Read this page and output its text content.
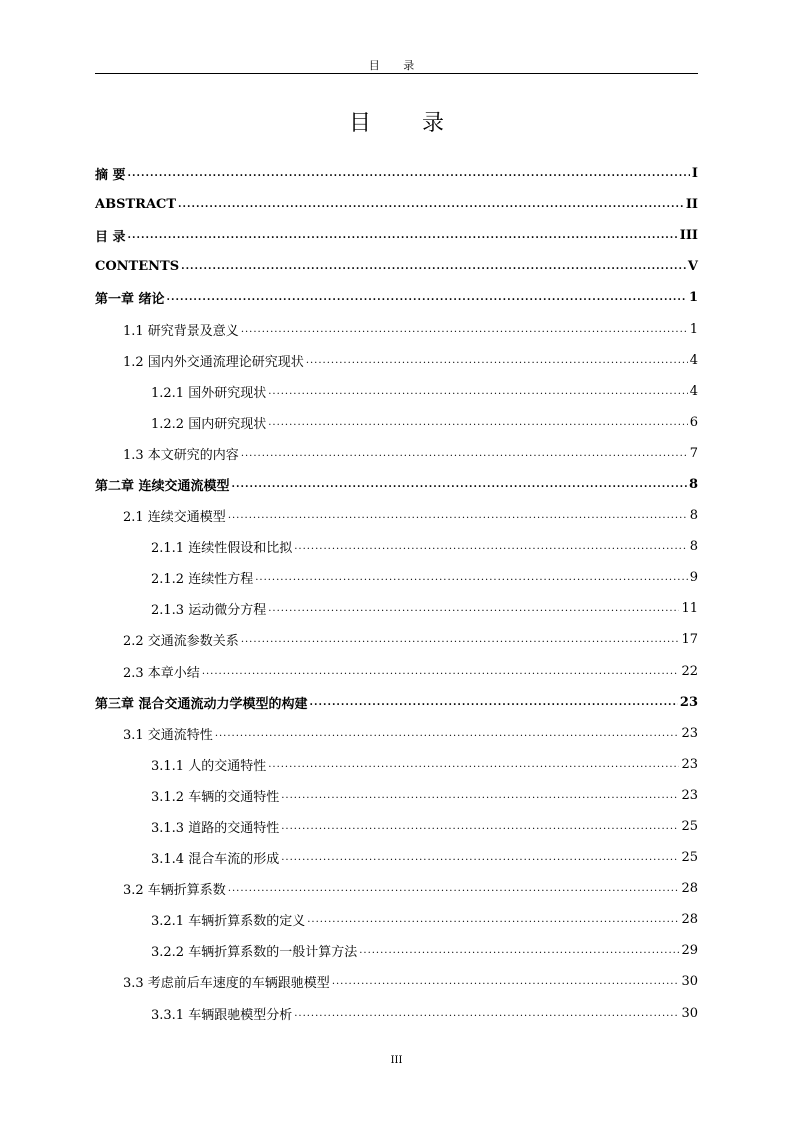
目 录
目 录
摘 要 .....	I
ABSTRACT .....	II
目 录 .....	III
CONTENTS .....	V
第一章 绪论 .....	1
1.1 研究背景及意义 .....	1
1.2 国内外交通流理论研究现状 .....	4
1.2.1 国外研究现状 .....	4
1.2.2 国内研究现状 .....	6
1.3 本文研究的内容 .....	7
第二章 连续交通流模型 .....	8
2.1 连续交通模型 .....	8
2.1.1 连续性假设和比拟 .....	8
2.1.2 连续性方程 .....	9
2.1.3 运动微分方程 .....	11
2.2 交通流参数关系 .....	17
2.3 本章小结 .....	22
第三章 混合交通流动力学模型的构建 .....	23
3.1 交通流特性 .....	23
3.1.1 人的交通特性 .....	23
3.1.2 车辆的交通特性 .....	23
3.1.3 道路的交通特性 .....	25
3.1.4 混合车流的形成 .....	25
3.2 车辆折算系数 .....	28
3.2.1 车辆折算系数的定义 .....	28
3.2.2 车辆折算系数的一般计算方法 .....	29
3.3 考虑前后车速度的车辆跟驰模型 .....	30
3.3.1 车辆跟驰模型分析 .....	30
III
